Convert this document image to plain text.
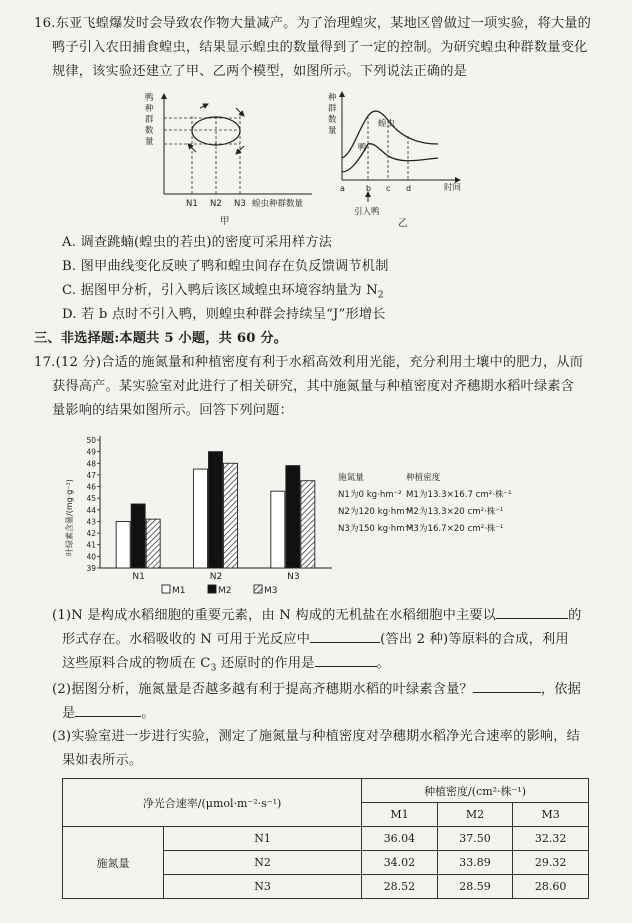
16.东亚飞蝗爆发时会导致农作物大量减产。为了治理蝗灾，某地区曾做过一项实验，将大量的
鸭子引入农田捕食蝗虫，结果显示蝗虫的数量得到了一定的控制。为研究蝗虫种群数量变化
规律，该实验还建立了甲、乙两个模型，如图所示。下列说法正确的是
鸭 种 群 数 量
N1 N2 N3 蝗虫种群数量
甲
种 群 数 量
蝗虫
鸭
a	b c d	时间
引入鸭
乙
A. 调查跳蝻(蝗虫的若虫)的密度可采用样方法
B. 图甲曲线变化反映了鸭和蝗虫间存在负反馈调节机制
C. 据图甲分析，引入鸭后该区域蝗虫环境容纳量为 $N_2$
D. 若 b 点时不引入鸭，则蝗虫种群会持续呈“J”形增长
三、非选择题:本题共 5 小题，共 60 分。
17.(12 分)合适的施氮量和种植密度有利于水稻高效利用光能，充分利用土壤中的肥力，从而
获得高产。某实验室对此进行了相关研究，其中施氮量与种植密度对齐穗期水稻叶绿素含
量影响的结果如图所示。回答下列问题：
叶绿素含量/(mg·g⁻¹)
39
40
41
42
43
44
45
46
47
48
49
50
N1	N2	N3
M1	M2	M3
施氮量	种植密度
N1为0 kg·hm⁻² M1为13.3×16.7 cm²·株⁻¹
N2为120 kg·hm⁻²M2为13.3×20 cm²·株⁻¹
N3为150 kg·hm⁻²M3为16.7×20 cm²·株⁻¹
(1)N 是构成水稻细胞的重要元素，由 N 构成的无机盐在水稻细胞中主要以	的
形式存在。水稻吸收的 N 可用于光反应中	(答出 2 种)等原料的合成，利用
这些原料合成的物质在 $C_3$ 还原时的作用是	。
(2)据图分析，施氮量是否越多越有利于提高齐穗期水稻的叶绿素含量？	，依据
是	。
(3)实验室进一步进行实验，测定了施氮量与种植密度对孕穗期水稻净光合速率的影响，结
果如表所示。
净光合速率/(μmol·m⁻²·s⁻¹)		种植密度/(cm²·株⁻¹)		
		M1	M2	M3
施氮量	N1	36.04	37.50	32.32
	N2	34.02	33.89	29.32
	N3	28.52	28.59	28.60
